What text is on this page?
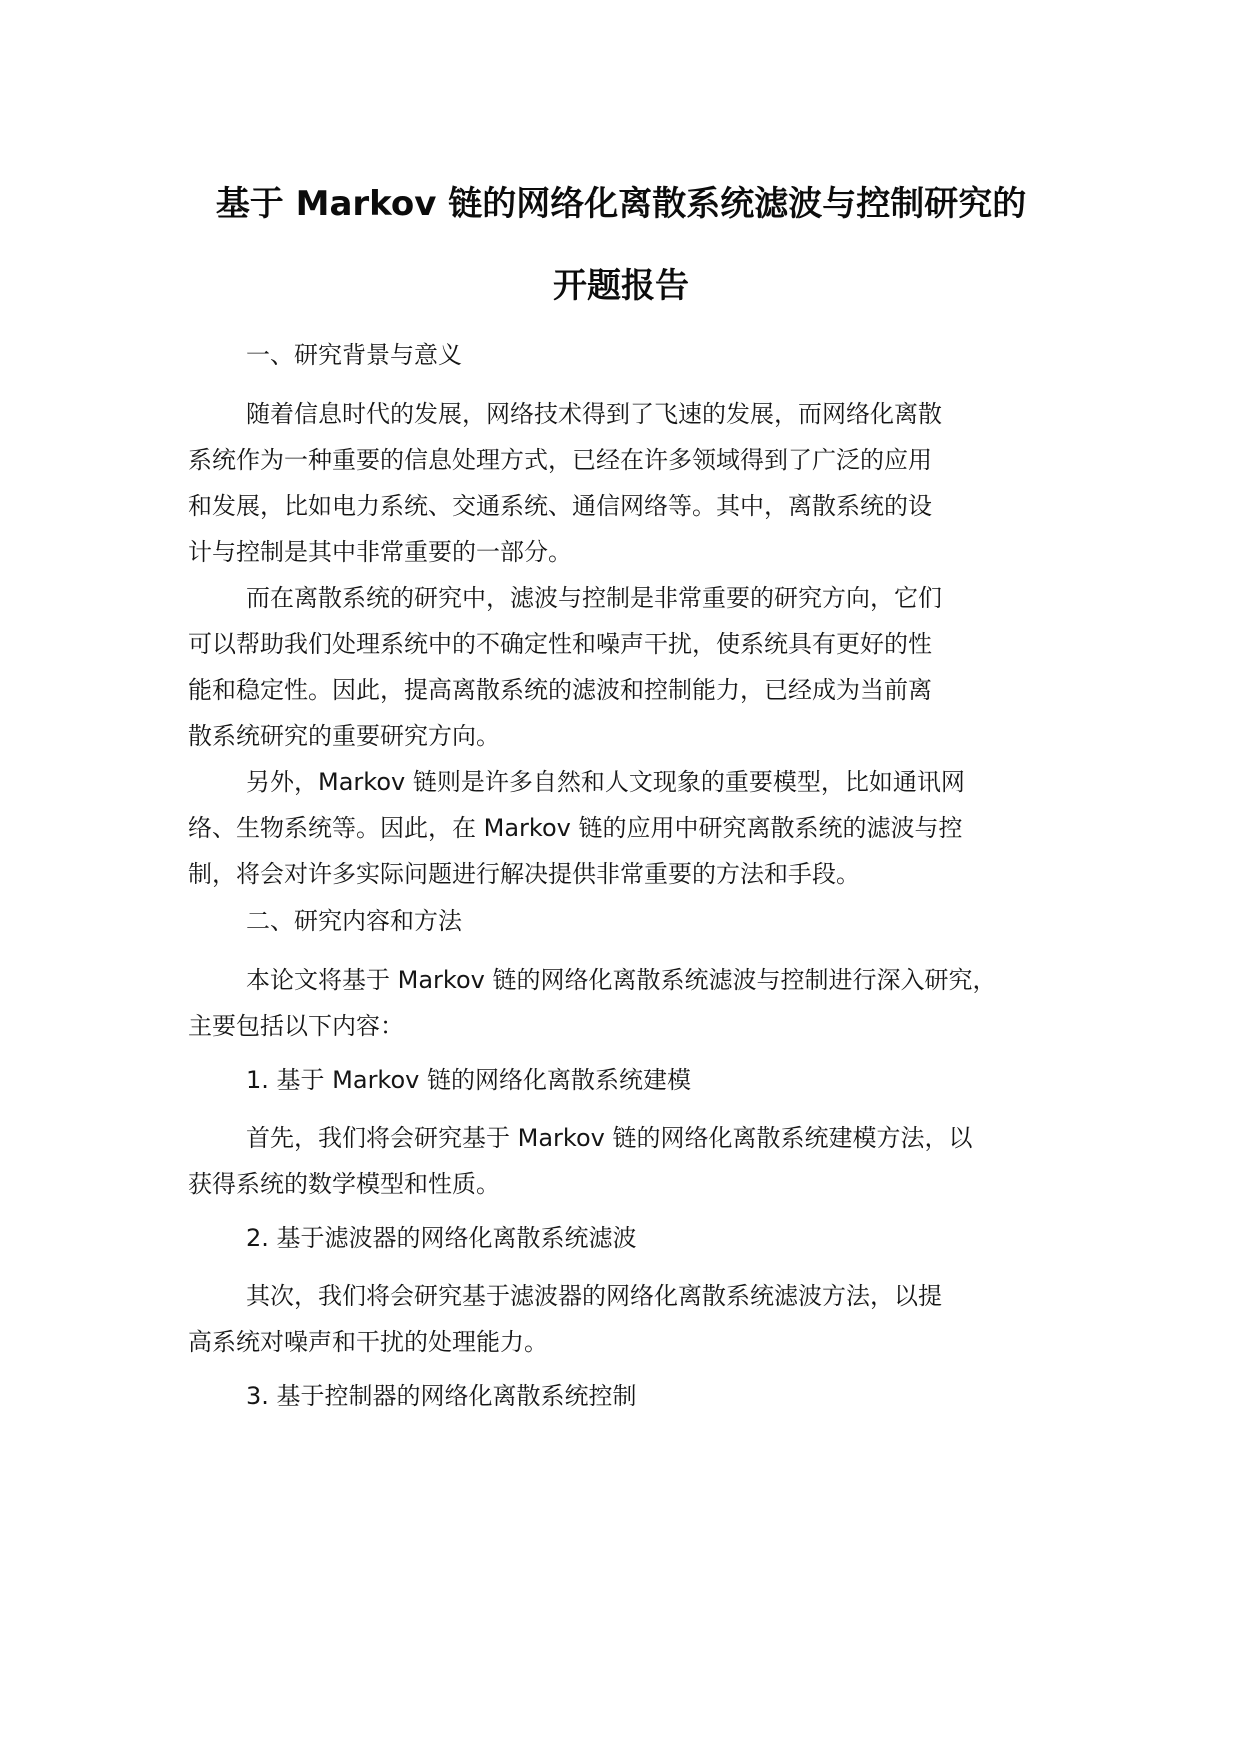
基于 Markov 链的网络化离散系统滤波与控制研究的
开题报告
一、研究背景与意义
随着信息时代的发展，网络技术得到了飞速的发展，而网络化离散
系统作为一种重要的信息处理方式，已经在许多领域得到了广泛的应用
和发展，比如电力系统、交通系统、通信网络等。其中，离散系统的设
计与控制是其中非常重要的一部分。
而在离散系统的研究中，滤波与控制是非常重要的研究方向，它们
可以帮助我们处理系统中的不确定性和噪声干扰，使系统具有更好的性
能和稳定性。因此，提高离散系统的滤波和控制能力，已经成为当前离
散系统研究的重要研究方向。
另外，Markov 链则是许多自然和人文现象的重要模型，比如通讯网
络、生物系统等。因此，在 Markov 链的应用中研究离散系统的滤波与控
制，将会对许多实际问题进行解决提供非常重要的方法和手段。
二、研究内容和方法
本论文将基于 Markov 链的网络化离散系统滤波与控制进行深入研究，
主要包括以下内容：
1. 基于 Markov 链的网络化离散系统建模
首先，我们将会研究基于 Markov 链的网络化离散系统建模方法，以
获得系统的数学模型和性质。
2. 基于滤波器的网络化离散系统滤波
其次，我们将会研究基于滤波器的网络化离散系统滤波方法，以提
高系统对噪声和干扰的处理能力。
3. 基于控制器的网络化离散系统控制
